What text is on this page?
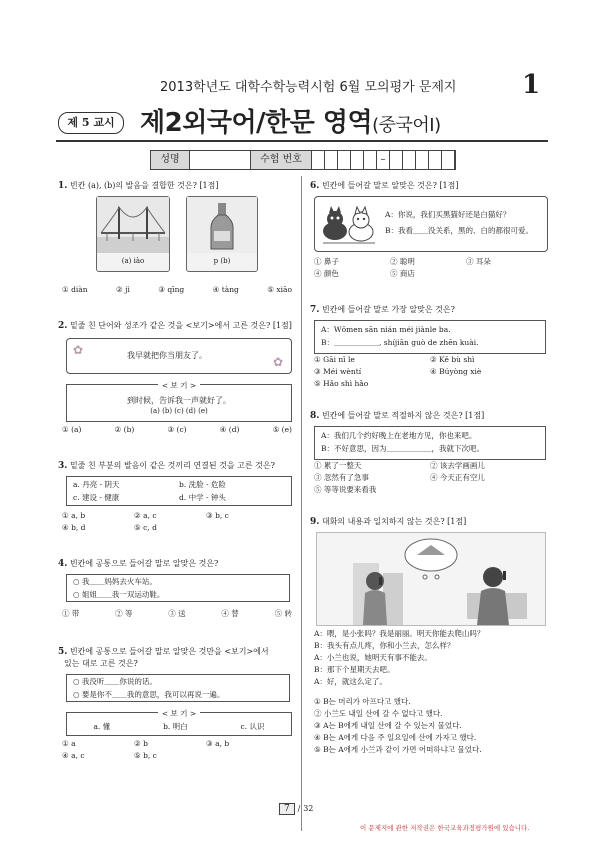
2013학년도 대학수학능력시험 6월 모의평가 문제지	1
제 5 교시 제2외국어/한문 영역(중국어Ⅰ)
성명	수험 번호	–
1. 빈칸 (a), (b)의 발음을 결합한 것은? [1점]
(a) iào	p (b)
① diàn	② jì	③ qīng	④ tàng	⑤ xiāo
2. 밑줄 친 단어와 성조가 같은 것을 <보기>에서 고른 것은? [1점]
✿
✿
我早就把你当朋友了。
< 보 기 >
到时候，告诉我一声就好了。
(a) (b) (c) (d) (e)
① (a)	② (b)	③ (c)	④ (d)	⑤ (e)
3. 밑줄 친 부분의 발음이 같은 것끼리 연결된 것을 고른 것은?
a. 丹亮 - 阴天	b. 洗脸 - 危险
c. 建设 - 健康	d. 中学 - 钟头
① a, b	② a, c	③ b, c
④ b, d	⑤ c, d
4. 빈칸에 공통으로 들어갈 말로 알맞은 것은?
○ 我＿＿妈妈去火车站。
○ 姐姐＿＿我一双运动鞋。
① 带	② 等	③ 送	④ 替	⑤ 转
5. 빈칸에 공통으로 들어갈 말로 알맞은 것만을 <보기>에서
있는 대로 고른 것은?
○ 我没听＿＿你说的话。
○ 要是你不＿＿我的意思，我可以再说一遍。
< 보 기 >
a. 懂	b. 明白	c. 认识
① a	② b	③ a, b
④ a, c	⑤ b, c
6. 빈칸에 들어갈 말로 알맞은 것은? [1점]
A：你说，我们买黑猫好还是白猫好？
B：我看＿＿没关系，黑的、白的都很可爱。
① 鼻子	② 聪明	③ 耳朵
④ 颜色	⑤ 商店
7. 빈칸에 들어갈 말로 가장 알맞은 것은?
A：Wǒmen sān nián méi jiànle ba.
B：＿＿＿＿＿＿, shíjiān guò de zhēn kuài.
① Gāi nǐ le	② Kě bù shì
③ Méi wèntí	④ Búyòng xiè
⑤ Hǎo shì hǎo
8. 빈칸에 들어갈 말로 적절하지 않은 것은? [1점]
A：我们几个约好晚上在老地方见，你也来吧。
B：不好意思，因为＿＿＿＿＿＿，我就下次吧。
① 累了一整天	② 该去学画画儿
③ 忽然有了急事	④ 今天正有空儿
⑤ 等等说要来看我
9. 대화의 내용과 일치하지 않는 것은? [1점]
A：喂，是小张吗？我是丽丽。明天你能去爬山吗？
B：我头有点儿疼，你和小兰去，怎么样？
A：小兰也说，她明天有事不能去。
B：那下个星期天去吧。
A：好，就这么定了。
① B는 머리가 아프다고 했다.
② 小兰도 내일 산에 갈 수 없다고 했다.
③ A는 B에게 내일 산에 갈 수 있는지 물었다.
④ B는 A에게 다음 주 일요일에 산에 가자고 했다.
⑤ B는 A에게 小兰과 같이 가면 어떠하냐고 물었다.
7 / 32
이 문제지에 관한 저작권은 한국교육과정평가원에 있습니다.
